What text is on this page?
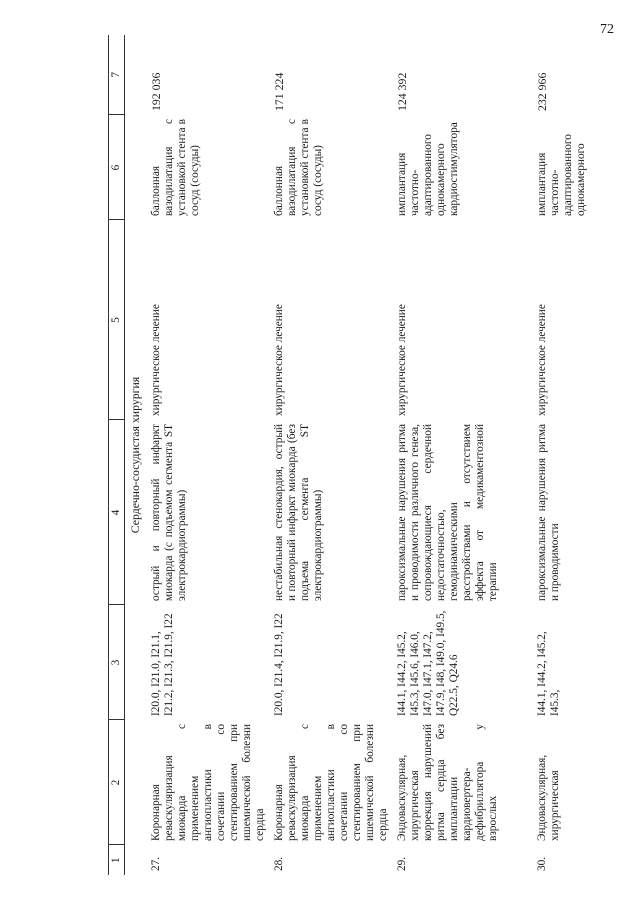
72
1	2	3	4	5	6	7
Сердечно-сосудистая хирургия						
27.	Коронарная реваскуляризация миокарда с применением ангиопластики в сочетании со стентированием при ишемической болезни сердца	I20.0, I21.0, I21.1, I21.2, I21.3, I21.9, I22	острый и повторный инфаркт миокарда (с подъемом сегмента ST электрокардиограммы)	хирургическое лечение	баллонная вазодилатация с установкой стента в сосуд (сосуды)	192 036
28.	Коронарная реваскуляризация миокарда с применением ангиопластики в сочетании со стентированием при ишемической болезни сердца	I20.0, I21.4, I21.9, I22	нестабильная стенокардия, острый и повторный инфаркт миокарда (без подъема сегмента ST электрокардиограммы)	хирургическое лечение	баллонная вазодилатация с установкой стента в сосуд (сосуды)	171 224
29.	Эндоваскулярная, хирургическая коррекция нарушений ритма сердца без имплантации кардиовертера-дефибриллятора у взрослых	I44.1, I44.2, I45.2, I45.3, I45.6, I46.0, I47.0, I47.1, I47.2, I47.9, I48, I49.0, I49.5, Q22.5, Q24.6	пароксизмальные нарушения ритма и проводимости различного генеза, сопровождающиеся сердечной недостаточностью, гемодинамическими расстройствами и отсутствием эффекта от медикаментозной терапии	хирургическое лечение	имплантация частотно-адаптированного однокамерного кардиостимулятора	124 392
30.	Эндоваскулярная, хирургическая	I44.1, I44.2, I45.2, I45.3,	пароксизмальные нарушения ритма и проводимости	хирургическое лечение	имплантация частотно-адаптированного однокамерного	232 966
